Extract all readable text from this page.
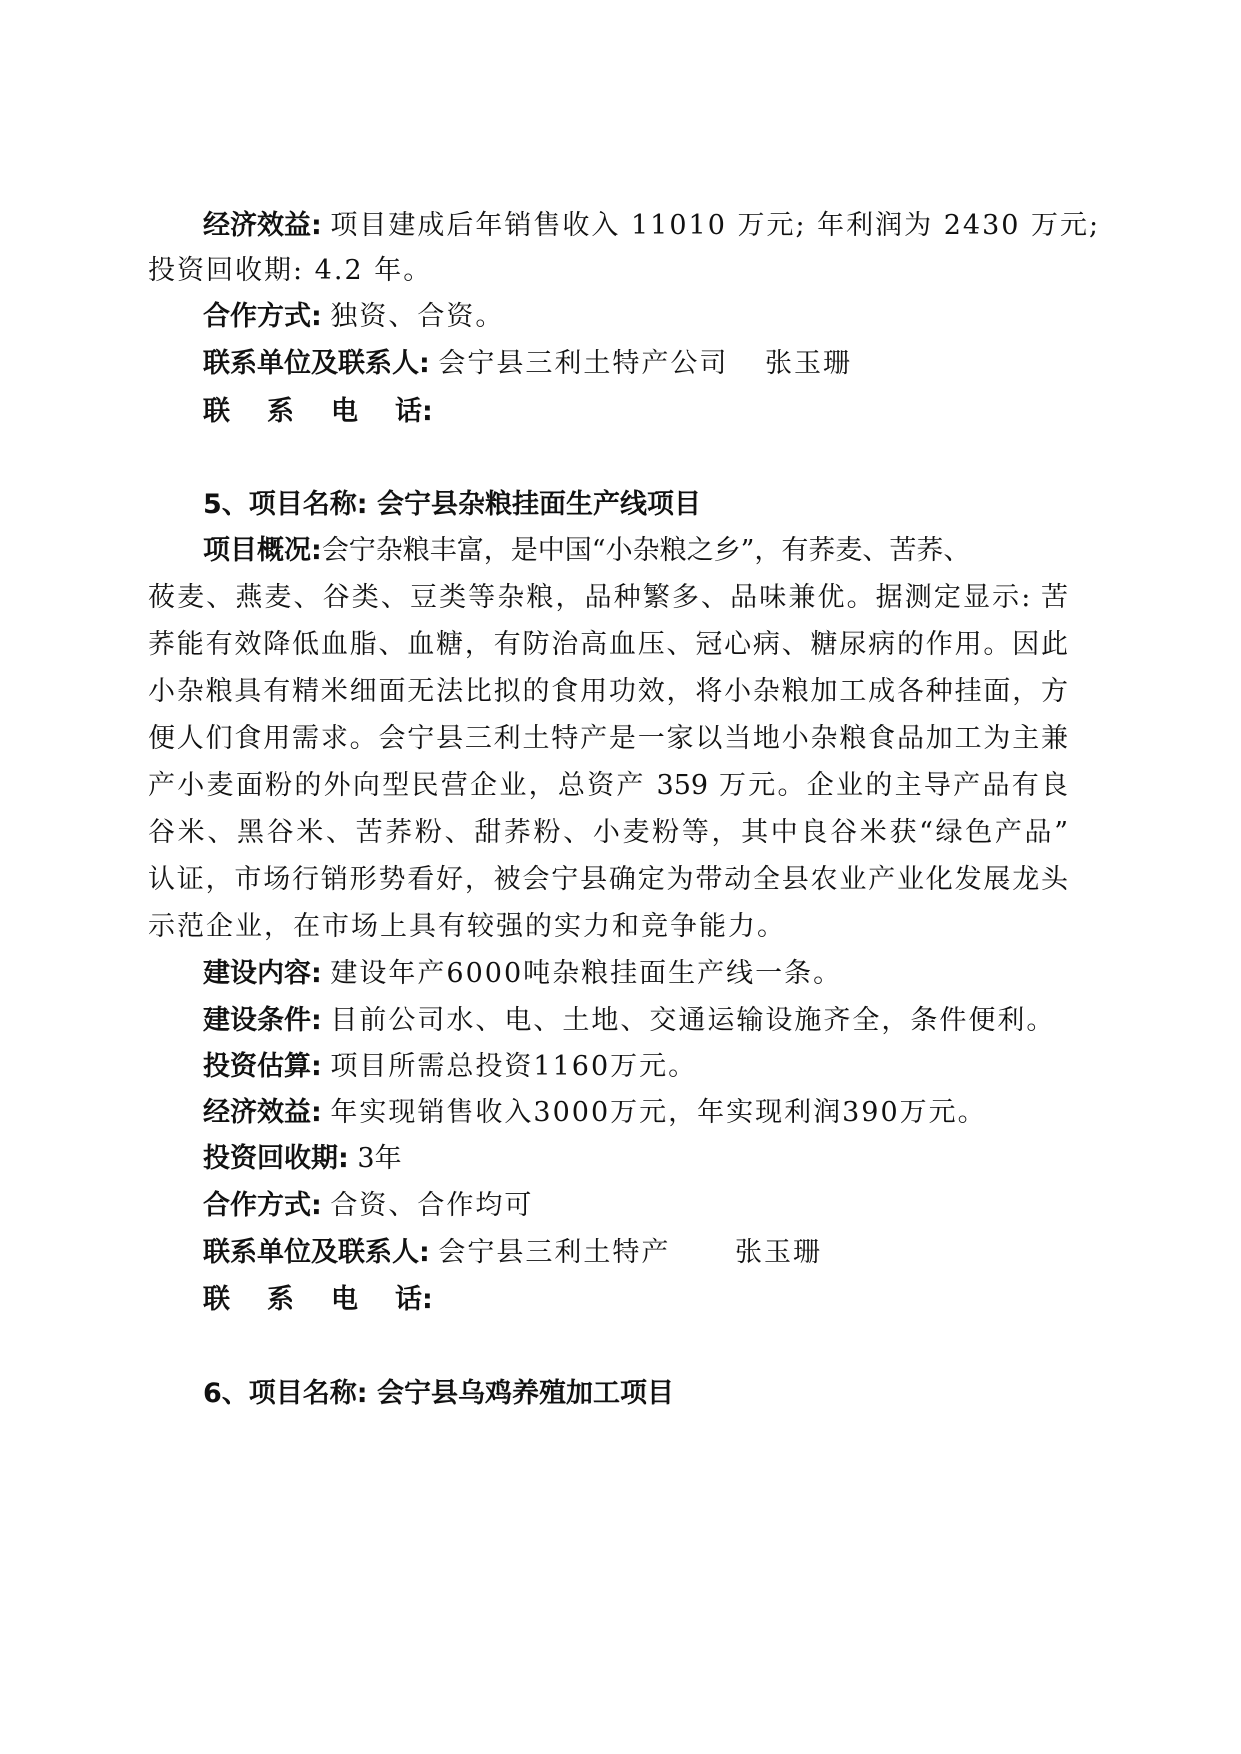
经济效益: 项目建成后年销售收入 11010 万元; 年利润为 2430 万元;
投资回收期: 4.2 年。
合作方式: 独资、合资。
联系单位及联系人: 会宁县三利土特产公司 张玉珊
联 系 电 话:
5、项目名称: 会宁县杂粮挂面生产线项目
项目概况:会宁杂粮丰富，是中国“小杂粮之乡”，有荞麦、苦荞、
莜麦、燕麦、谷类、豆类等杂粮，品种繁多、品味兼优。据测定显示: 苦
荞能有效降低血脂、血糖，有防治高血压、冠心病、糖尿病的作用。因此
小杂粮具有精米细面无法比拟的食用功效，将小杂粮加工成各种挂面，方
便人们食用需求。会宁县三利土特产是一家以当地小杂粮食品加工为主兼
产小麦面粉的外向型民营企业，总资产 359 万元。企业的主导产品有良
谷米、黑谷米、苦荞粉、甜荞粉、小麦粉等，其中良谷米获“绿色产品”
认证，市场行销形势看好，被会宁县确定为带动全县农业产业化发展龙头
示范企业，在市场上具有较强的实力和竞争能力。
建设内容: 建设年产6000吨杂粮挂面生产线一条。
建设条件: 目前公司水、电、土地、交通运输设施齐全，条件便利。
投资估算: 项目所需总投资1160万元。
经济效益: 年实现销售收入3000万元，年实现利润390万元。
投资回收期: 3年
合作方式: 合资、合作均可
联系单位及联系人: 会宁县三利土特产 张玉珊
联 系 电 话:
6、项目名称: 会宁县乌鸡养殖加工项目
